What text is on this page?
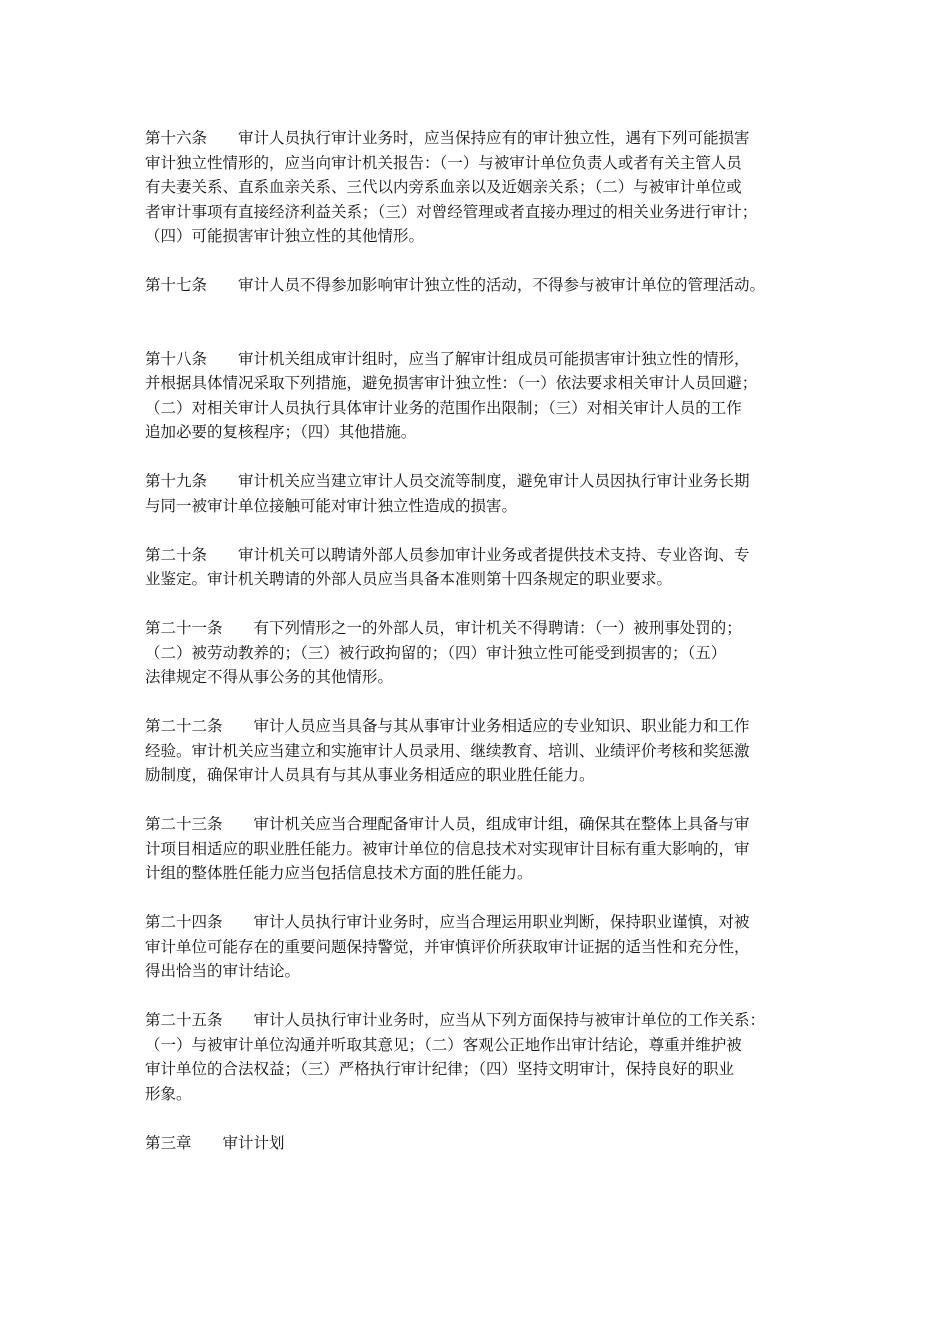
第十六条　　审计人员执行审计业务时，应当保持应有的审计独立性，遇有下列可能损害
审计独立性情形的，应当向审计机关报告：（一）与被审计单位负责人或者有关主管人员
有夫妻关系、直系血亲关系、三代以内旁系血亲以及近姻亲关系；（二）与被审计单位或
者审计事项有直接经济利益关系；（三）对曾经管理或者直接办理过的相关业务进行审计；
（四）可能损害审计独立性的其他情形。

第十七条　　审计人员不得参加影响审计独立性的活动，不得参与被审计单位的管理活动。

第十八条　　审计机关组成审计组时，应当了解审计组成员可能损害审计独立性的情形，
并根据具体情况采取下列措施，避免损害审计独立性：（一）依法要求相关审计人员回避；
（二）对相关审计人员执行具体审计业务的范围作出限制；（三）对相关审计人员的工作
追加必要的复核程序；（四）其他措施。

第十九条　　审计机关应当建立审计人员交流等制度，避免审计人员因执行审计业务长期
与同一被审计单位接触可能对审计独立性造成的损害。

第二十条　　审计机关可以聘请外部人员参加审计业务或者提供技术支持、专业咨询、专
业鉴定。审计机关聘请的外部人员应当具备本准则第十四条规定的职业要求。

第二十一条　　有下列情形之一的外部人员，审计机关不得聘请：（一）被刑事处罚的；
（二）被劳动教养的；（三）被行政拘留的；（四）审计独立性可能受到损害的；（五）
法律规定不得从事公务的其他情形。

第二十二条　　审计人员应当具备与其从事审计业务相适应的专业知识、职业能力和工作
经验。审计机关应当建立和实施审计人员录用、继续教育、培训、业绩评价考核和奖惩激
励制度，确保审计人员具有与其从事业务相适应的职业胜任能力。

第二十三条　　审计机关应当合理配备审计人员，组成审计组，确保其在整体上具备与审
计项目相适应的职业胜任能力。被审计单位的信息技术对实现审计目标有重大影响的，审
计组的整体胜任能力应当包括信息技术方面的胜任能力。

第二十四条　　审计人员执行审计业务时，应当合理运用职业判断，保持职业谨慎，对被
审计单位可能存在的重要问题保持警觉，并审慎评价所获取审计证据的适当性和充分性，
得出恰当的审计结论。

第二十五条　　审计人员执行审计业务时，应当从下列方面保持与被审计单位的工作关系：
（一）与被审计单位沟通并听取其意见；（二）客观公正地作出审计结论，尊重并维护被
审计单位的合法权益；（三）严格执行审计纪律；（四）坚持文明审计，保持良好的职业
形象。

第三章　　审计计划
